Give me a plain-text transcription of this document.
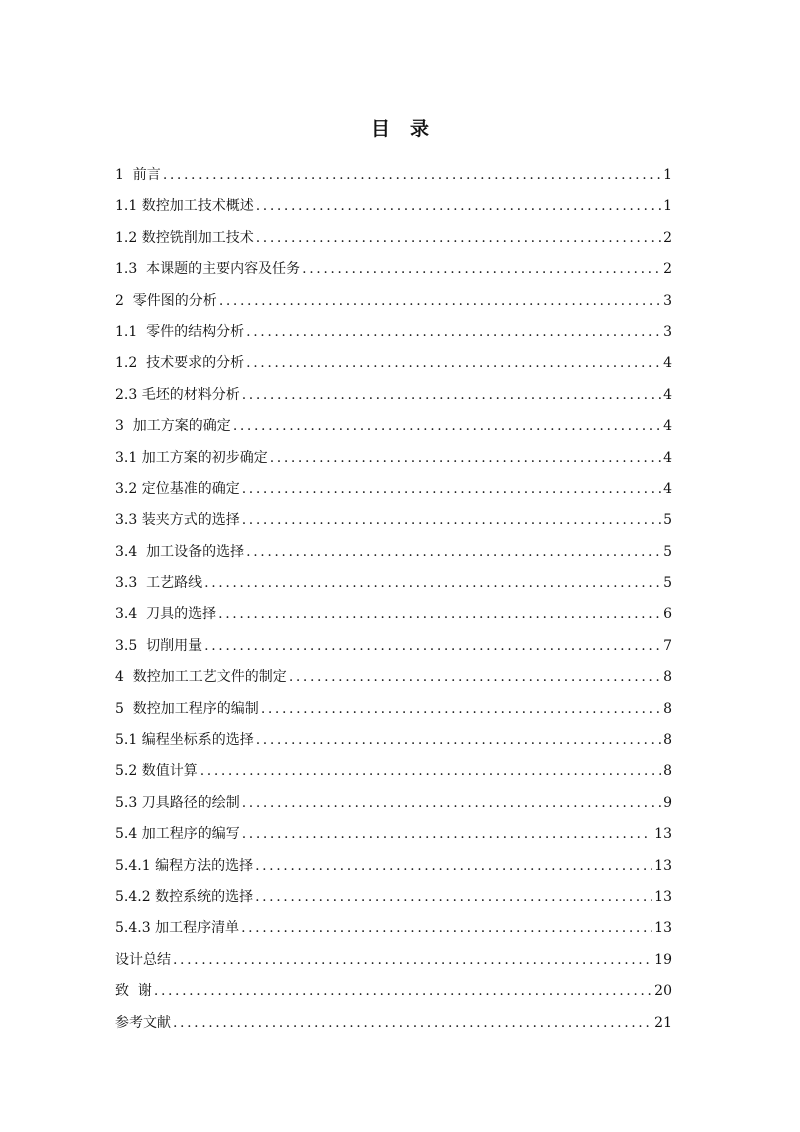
目录
1  前言 .....	1
1.1 数控加工技术概述 .....	1
1.2 数控铣削加工技术 .....	2
1.3  本课题的主要内容及任务 .....	2
2  零件图的分析 .....	3
1.1  零件的结构分析 .....	3
1.2  技术要求的分析 .....	4
2.3 毛坯的材料分析 .....	4
3  加工方案的确定 .....	4
3.1 加工方案的初步确定 .....	4
3.2 定位基准的确定 .....	4
3.3 装夹方式的选择 .....	5
3.4  加工设备的选择 .....	5
3.3  工艺路线 .....	5
3.4  刀具的选择 .....	6
3.5  切削用量 .....	7
4  数控加工工艺文件的制定 .....	8
5  数控加工程序的编制 .....	8
5.1 编程坐标系的选择 .....	8
5.2 数值计算 .....	8
5.3 刀具路径的绘制 .....	9
5.4 加工程序的编写 .....	13
5.4.1 编程方法的选择 .....	13
5.4.2 数控系统的选择 .....	13
5.4.3 加工程序清单 .....	13
设计总结 .....	19
致  谢 .....	20
参考文献 .....	21
